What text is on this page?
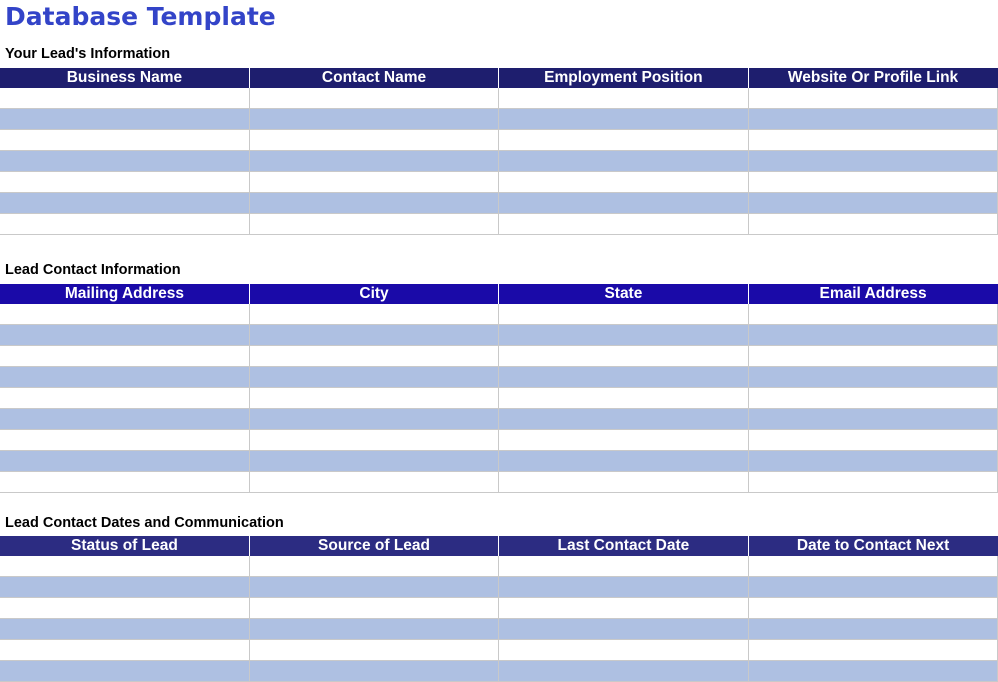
Database Template
Your Lead's Information
Business Name	Contact Name	Employment Position	Website Or Profile Link

Lead Contact Information
Mailing Address	City	State	Email Address

Lead Contact Dates and Communication
Status of Lead	Source of Lead	Last Contact Date	Date to Contact Next
